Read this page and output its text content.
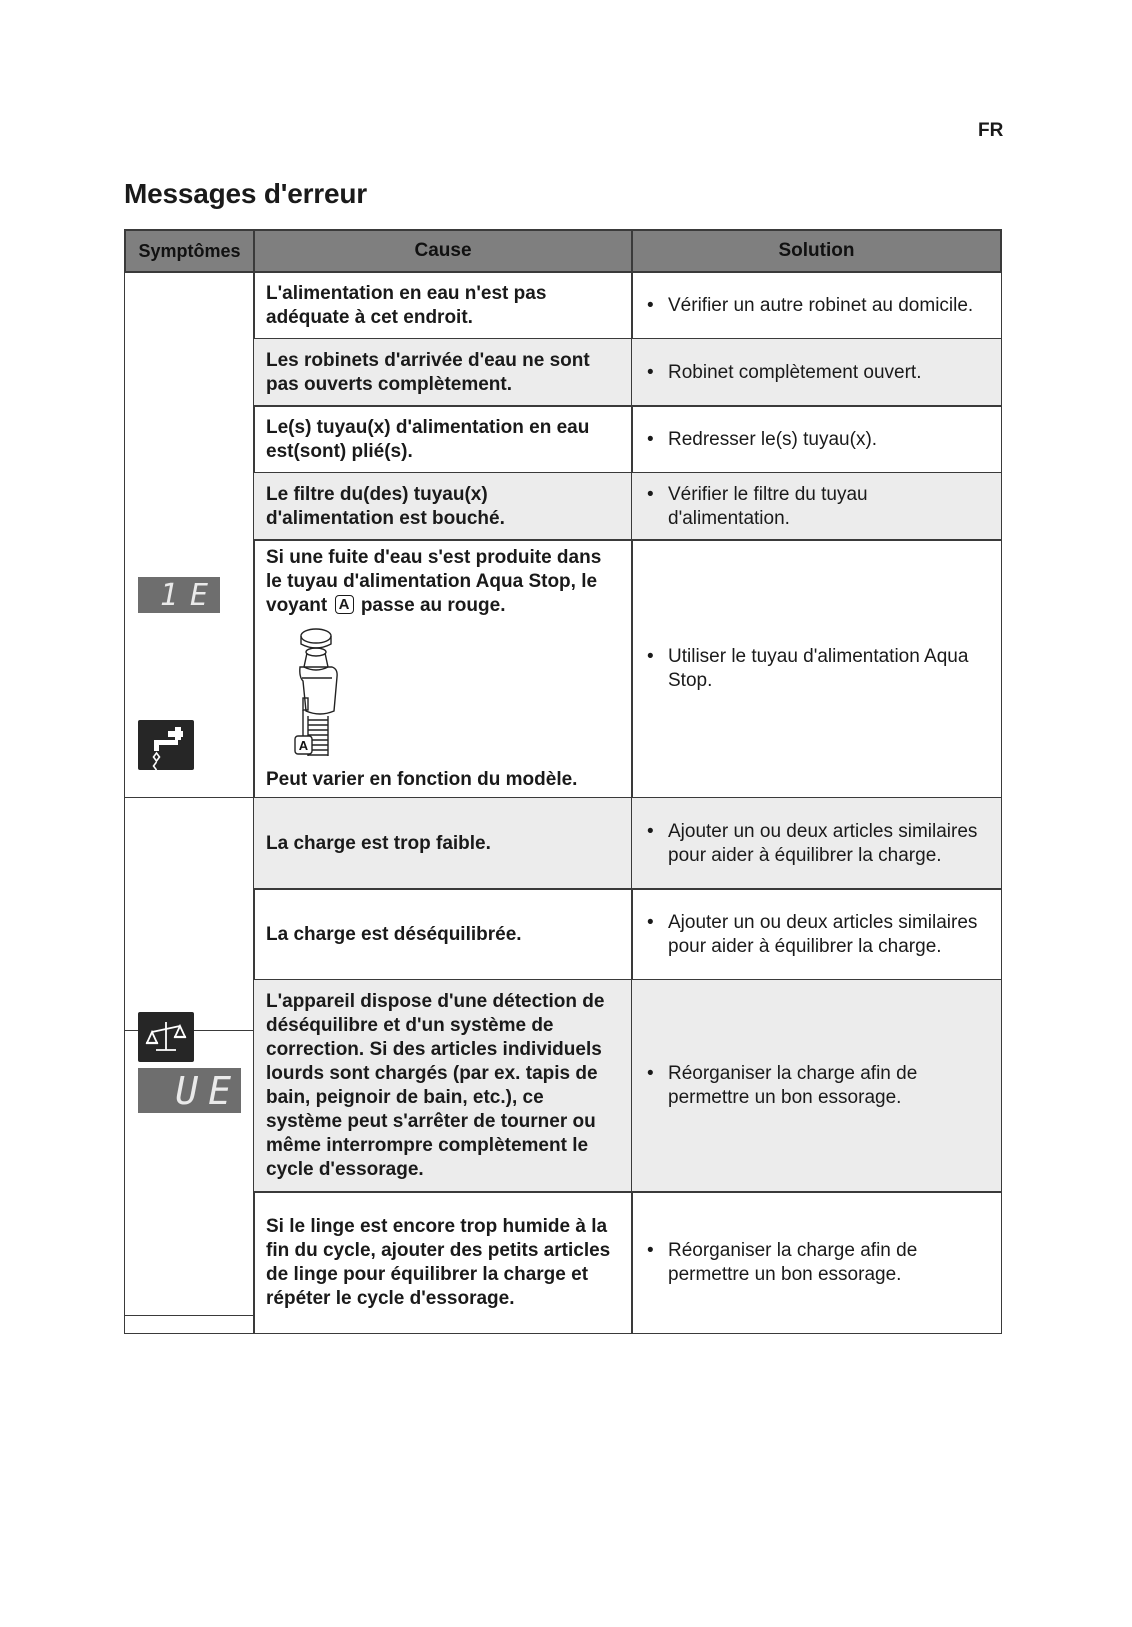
FR
Messages d'erreur
Symptômes	Cause	Solution
1E
L'alimentation en eau n'est pas adéquate à cet endroit.
• Vérifier un autre robinet au domicile.
Les robinets d'arrivée d'eau ne sont pas ouverts complètement.
• Robinet complètement ouvert.
Le(s) tuyau(x) d'alimentation en eau est(sont) plié(s).
• Redresser le(s) tuyau(x).
Le filtre du(des) tuyau(x) d'alimentation est bouché.
• Vérifier le filtre du tuyau d'alimentation.
Si une fuite d'eau s'est produite dans le tuyau d'alimentation Aqua Stop, le voyant A passe au rouge.
A
Peut varier en fonction du modèle.
• Utiliser le tuyau d'alimentation Aqua Stop.
UE
La charge est trop faible.
• Ajouter un ou deux articles similaires pour aider à équilibrer la charge.
La charge est déséquilibrée.
• Ajouter un ou deux articles similaires pour aider à équilibrer la charge.
L'appareil dispose d'une détection de déséquilibre et d'un système de correction. Si des articles individuels lourds sont chargés (par ex. tapis de bain, peignoir de bain, etc.), ce système peut s'arrêter de tourner ou même interrompre complètement le cycle d'essorage.
• Réorganiser la charge afin de permettre un bon essorage.
Si le linge est encore trop humide à la fin du cycle, ajouter des petits articles de linge pour équilibrer la charge et répéter le cycle d'essorage.
• Réorganiser la charge afin de permettre un bon essorage.
